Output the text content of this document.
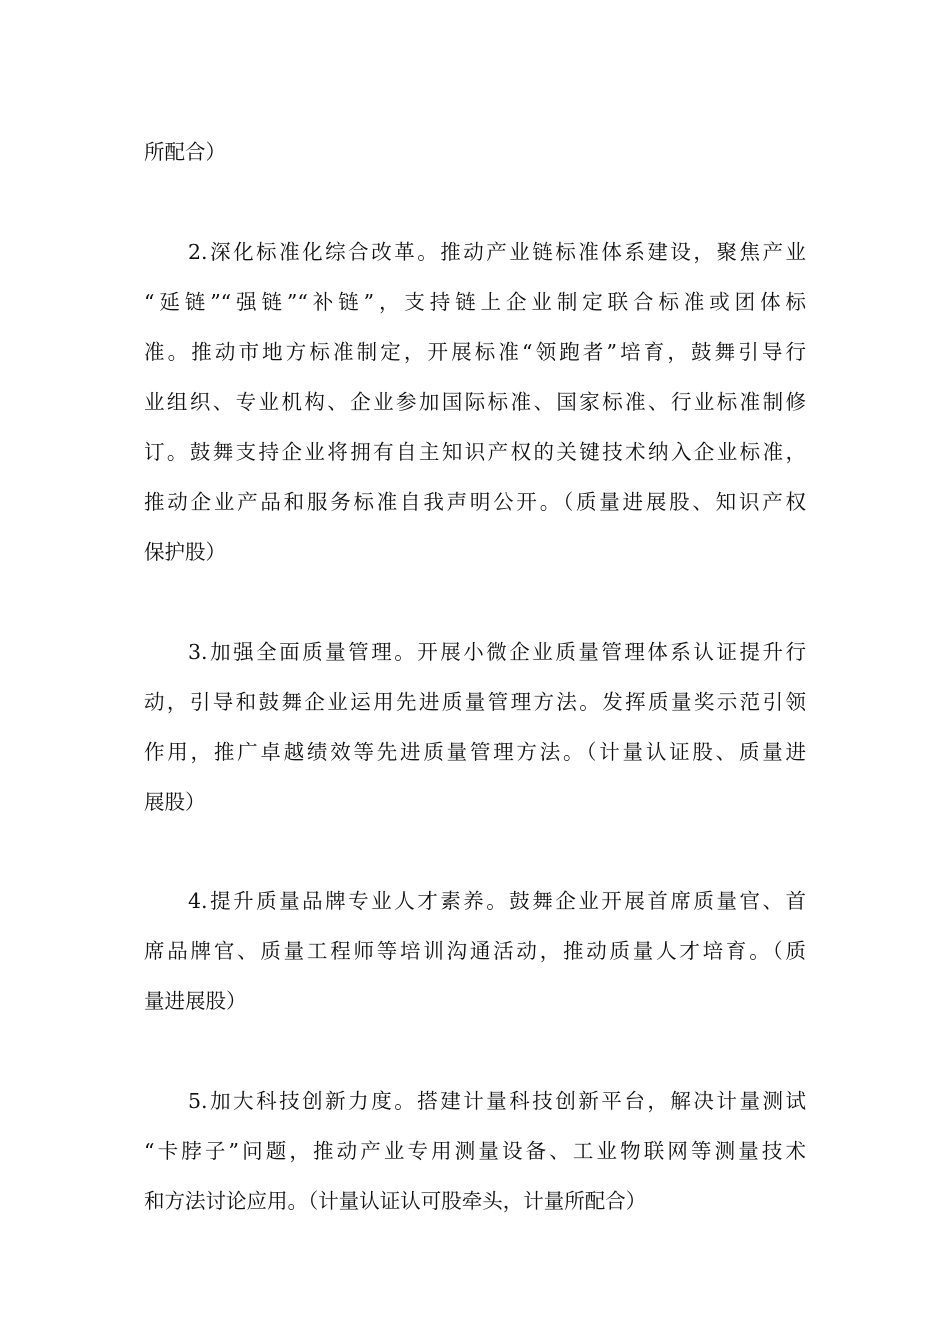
所配合）
2.深化标准化综合改革。推动产业链标准体系建设，聚焦产业
“延链”“强链”“补链”，支持链上企业制定联合标准或团体标
准。推动市地方标准制定，开展标准“领跑者”培育，鼓舞引导行
业组织、专业机构、企业参加国际标准、国家标准、行业标准制修
订。鼓舞支持企业将拥有自主知识产权的关键技术纳入企业标准，
推动企业产品和服务标准自我声明公开。（质量进展股、知识产权
保护股）
3.加强全面质量管理。开展小微企业质量管理体系认证提升行
动，引导和鼓舞企业运用先进质量管理方法。发挥质量奖示范引领
作用，推广卓越绩效等先进质量管理方法。（计量认证股、质量进
展股）
4.提升质量品牌专业人才素养。鼓舞企业开展首席质量官、首
席品牌官、质量工程师等培训沟通活动，推动质量人才培育。（质
量进展股）
5.加大科技创新力度。搭建计量科技创新平台，解决计量测试
“卡脖子”问题，推动产业专用测量设备、工业物联网等测量技术
和方法讨论应用。（计量认证认可股牵头，计量所配合）
